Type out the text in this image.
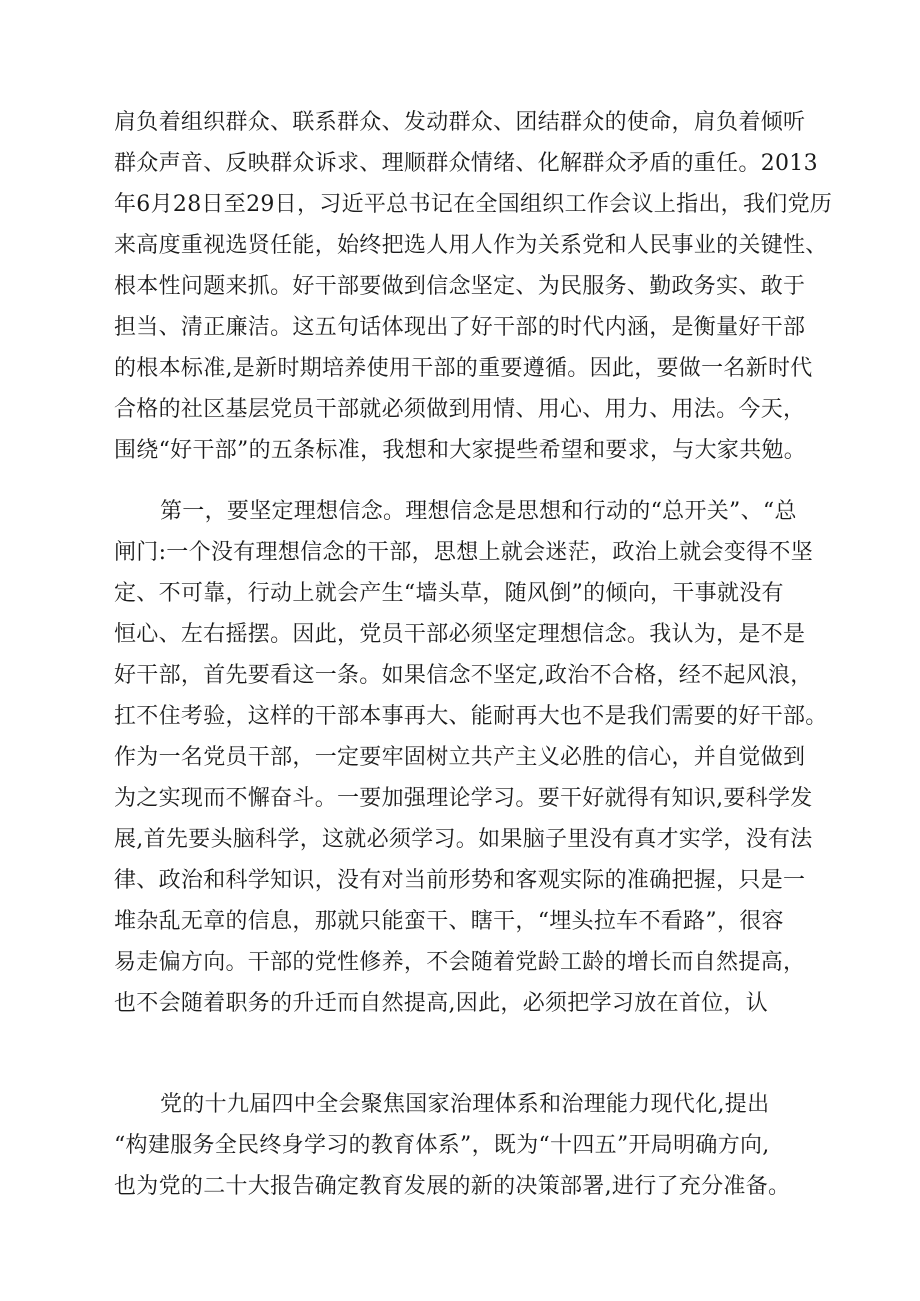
肩负着组织群众、联系群众、发动群众、团结群众的使命，肩负着倾听
群众声音、反映群众诉求、理顺群众情绪、化解群众矛盾的重任。2013
年6月28日至29日，习近平总书记在全国组织工作会议上指出，我们党历
来高度重视选贤任能，始终把选人用人作为关系党和人民事业的关键性、
根本性问题来抓。好干部要做到信念坚定、为民服务、勤政务实、敢于
担当、清正廉洁。这五句话体现出了好干部的时代内涵，是衡量好干部
的根本标准,是新时期培养使用干部的重要遵循。因此，要做一名新时代
合格的社区基层党员干部就必须做到用情、用心、用力、用法。今天，
围绕“好干部”的五条标准，我想和大家提些希望和要求，与大家共勉。
第一，要坚定理想信念。理想信念是思想和行动的“总开关”、“总
闸门:一个没有理想信念的干部，思想上就会迷茫，政治上就会变得不坚
定、不可靠，行动上就会产生“墙头草，随风倒”的倾向，干事就没有
恒心、左右摇摆。因此，党员干部必须坚定理想信念。我认为，是不是
好干部，首先要看这一条。如果信念不坚定,政治不合格，经不起风浪，
扛不住考验，这样的干部本事再大、能耐再大也不是我们需要的好干部。
作为一名党员干部，一定要牢固树立共产主义必胜的信心，并自觉做到
为之实现而不懈奋斗。一要加强理论学习。要干好就得有知识,要科学发
展,首先要头脑科学，这就必须学习。如果脑子里没有真才实学，没有法
律、政治和科学知识，没有对当前形势和客观实际的准确把握，只是一
堆杂乱无章的信息，那就只能蛮干、瞎干，“埋头拉车不看路”，很容
易走偏方向。干部的党性修养，不会随着党龄工龄的增长而自然提高，
也不会随着职务的升迁而自然提高,因此，必须把学习放在首位，认
党的十九届四中全会聚焦国家治理体系和治理能力现代化,提出
“构建服务全民终身学习的教育体系”，既为“十四五”开局明确方向,
也为党的二十大报告确定教育发展的新的决策部署,进行了充分准备。
